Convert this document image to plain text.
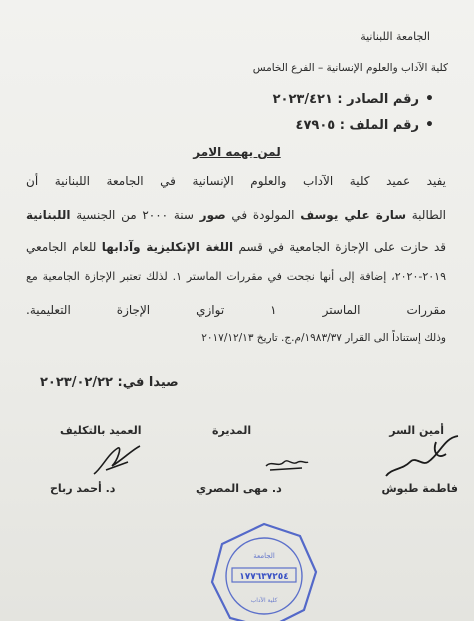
الجامعة اللبنانية
كلية الآداب والعلوم الإنسانية – الفرع الخامس
• رقم الصادر : ٢٠٢٣/٤٢١
• رقم الملف : ٤٧٩٠٥
لمن يهمه الامر
يفيد عميد كلية الآداب والعلوم الإنسانية في الجامعة اللبنانية أن
الطالبة سارة علي يوسف المولودة في صور سنة ٢٠٠٠ من الجنسية اللبنانية
قد حازت على الإجازة الجامعية في قسم اللغة الإنكليزية وآدابها للعام الجامعي
٢٠١٩-٢٠٢٠، إضافة إلى أنها نجحت في مقررات الماستر ١. لذلك تعتبر الإجازة الجامعية مع
مقررات الماستر ١ توازي الإجازة التعليمية.
وذلك إستناداً الى القرار ١٩٨٣/٣٧/م.ج. تاريخ ٢٠١٧/١٢/١٣
صيدا في: ٢٠٢٣/٠٢/٢٢
العميد بالتكليف	المديرة	أمين السر
د. أحمد رباح	د. مهى المصري	فاطمة طبوش
١٧٧٦٣٧٢٥٤
الجامعة
كلية الآداب
